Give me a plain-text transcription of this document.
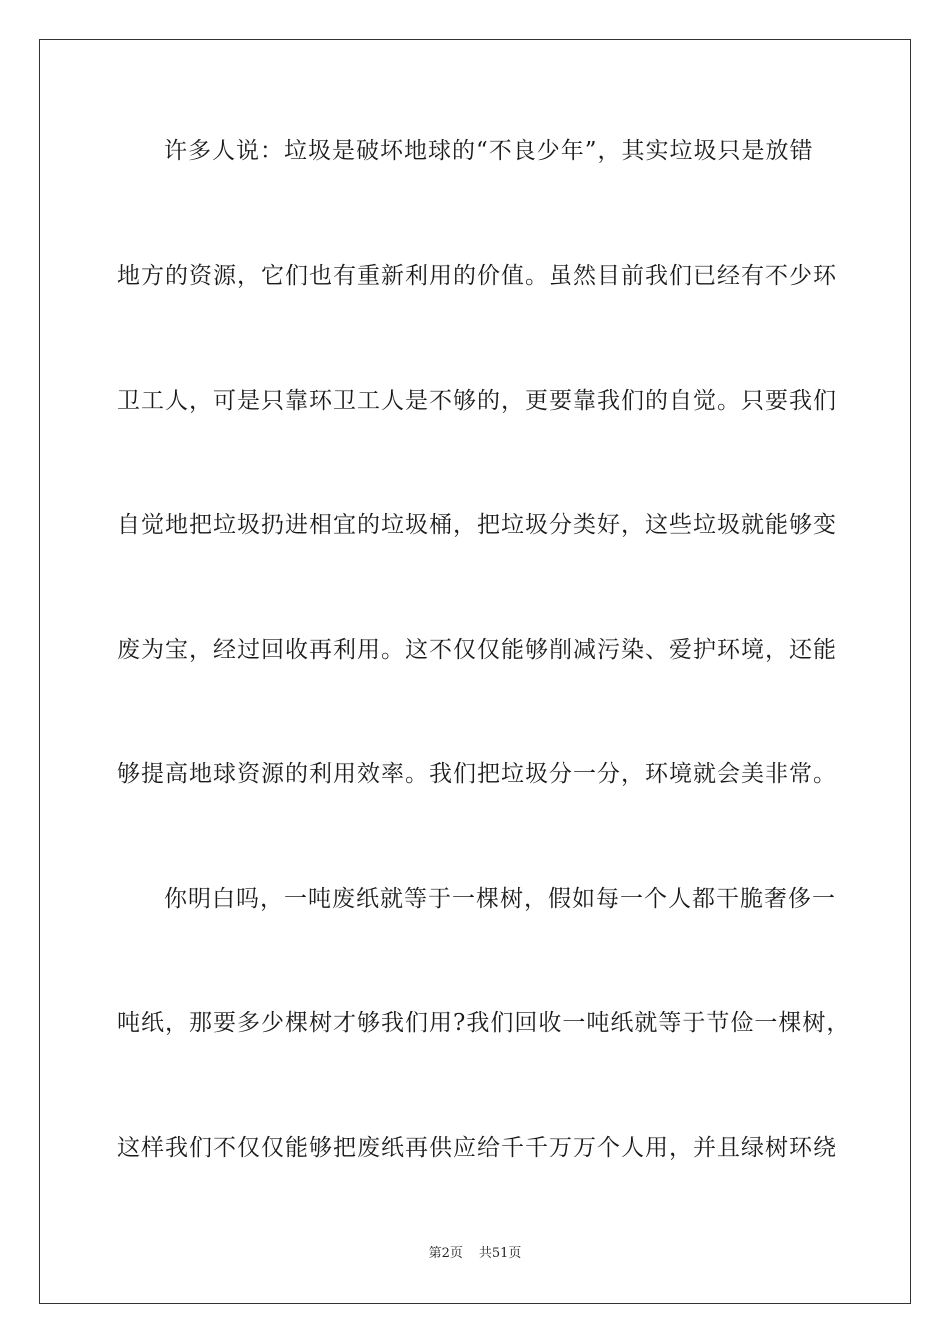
许多人说：垃圾是破坏地球的“不良少年”，其实垃圾只是放错
地方的资源，它们也有重新利用的价值。虽然目前我们已经有不少环
卫工人，可是只靠环卫工人是不够的，更要靠我们的自觉。只要我们
自觉地把垃圾扔进相宜的垃圾桶，把垃圾分类好，这些垃圾就能够变
废为宝，经过回收再利用。这不仅仅能够削减污染、爱护环境，还能
够提高地球资源的利用效率。我们把垃圾分一分，环境就会美非常。
你明白吗，一吨废纸就等于一棵树，假如每一个人都干脆奢侈一
吨纸，那要多少棵树才够我们用?我们回收一吨纸就等于节俭一棵树，
这样我们不仅仅能够把废纸再供应给千千万万个人用，并且绿树环绕
第2页 共51页
